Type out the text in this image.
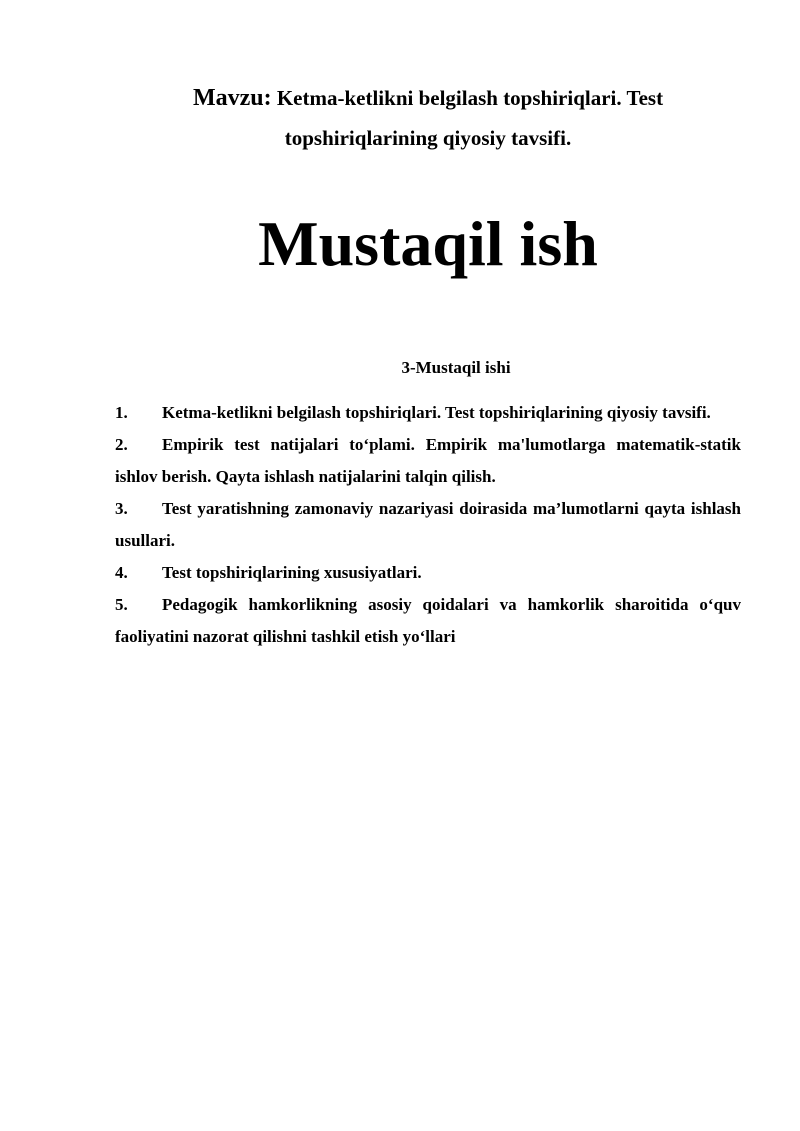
Mavzu: Ketma-ketlikni belgilash topshiriqlari. Test topshiriqlarining qiyosiy tavsifi.
Mustaqil ish
3-Mustaqil ishi
1. Ketma-ketlikni belgilash topshiriqlari. Test topshiriqlarining qiyosiy tavsifi.
2. Empirik test natijalari to‘plami. Empirik ma'lumotlarga matematik-statik ishlov berish. Qayta ishlash natijalarini talqin qilish.
3. Test yaratishning zamonaviy nazariyasi doirasida ma’lumotlarni qayta ishlash usullari.
4. Test topshiriqlarining xususiyatlari.
5. Pedagogik hamkorlikning asosiy qoidalari va hamkorlik sharoitida o‘quv faoliyatini nazorat qilishni tashkil etish yo‘llari
